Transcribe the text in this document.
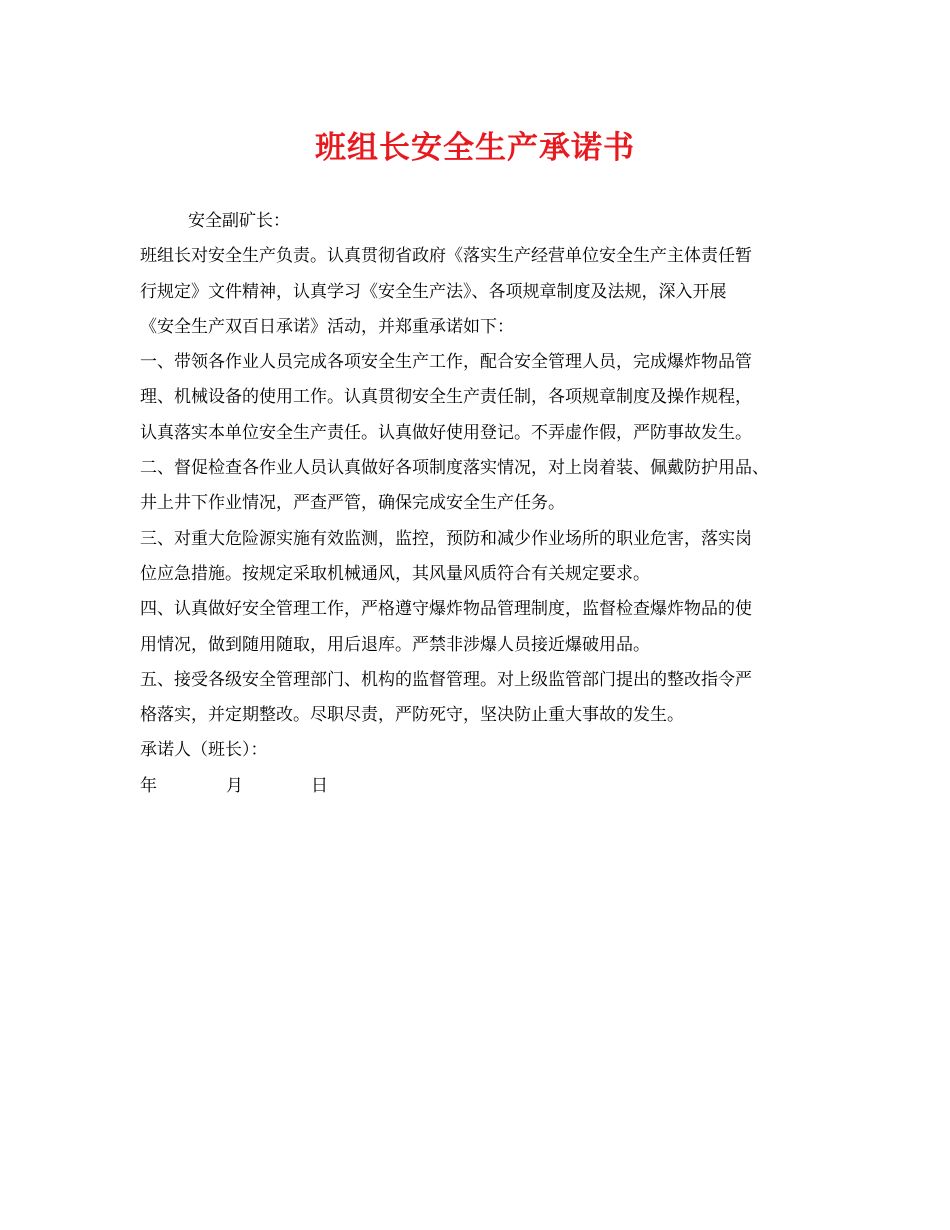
班组长安全生产承诺书
安全副矿长：
班组长对安全生产负责。认真贯彻省政府《落实生产经营单位安全生产主体责任暂
行规定》文件精神，认真学习《安全生产法》、各项规章制度及法规，深入开展
《安全生产双百日承诺》活动，并郑重承诺如下：
一、带领各作业人员完成各项安全生产工作，配合安全管理人员，完成爆炸物品管
理、机械设备的使用工作。认真贯彻安全生产责任制，各项规章制度及操作规程，
认真落实本单位安全生产责任。认真做好使用登记。不弄虚作假，严防事故发生。
二、督促检查各作业人员认真做好各项制度落实情况，对上岗着装、佩戴防护用品、
井上井下作业情况，严查严管，确保完成安全生产任务。
三、对重大危险源实施有效监测，监控，预防和减少作业场所的职业危害，落实岗
位应急措施。按规定采取机械通风，其风量风质符合有关规定要求。
四、认真做好安全管理工作，严格遵守爆炸物品管理制度，监督检查爆炸物品的使
用情况，做到随用随取，用后退库。严禁非涉爆人员接近爆破用品。
五、接受各级安全管理部门、机构的监督管理。对上级监管部门提出的整改指令严
格落实，并定期整改。尽职尽责，严防死守，坚决防止重大事故的发生。
承诺人（班长）：
年	月	日
